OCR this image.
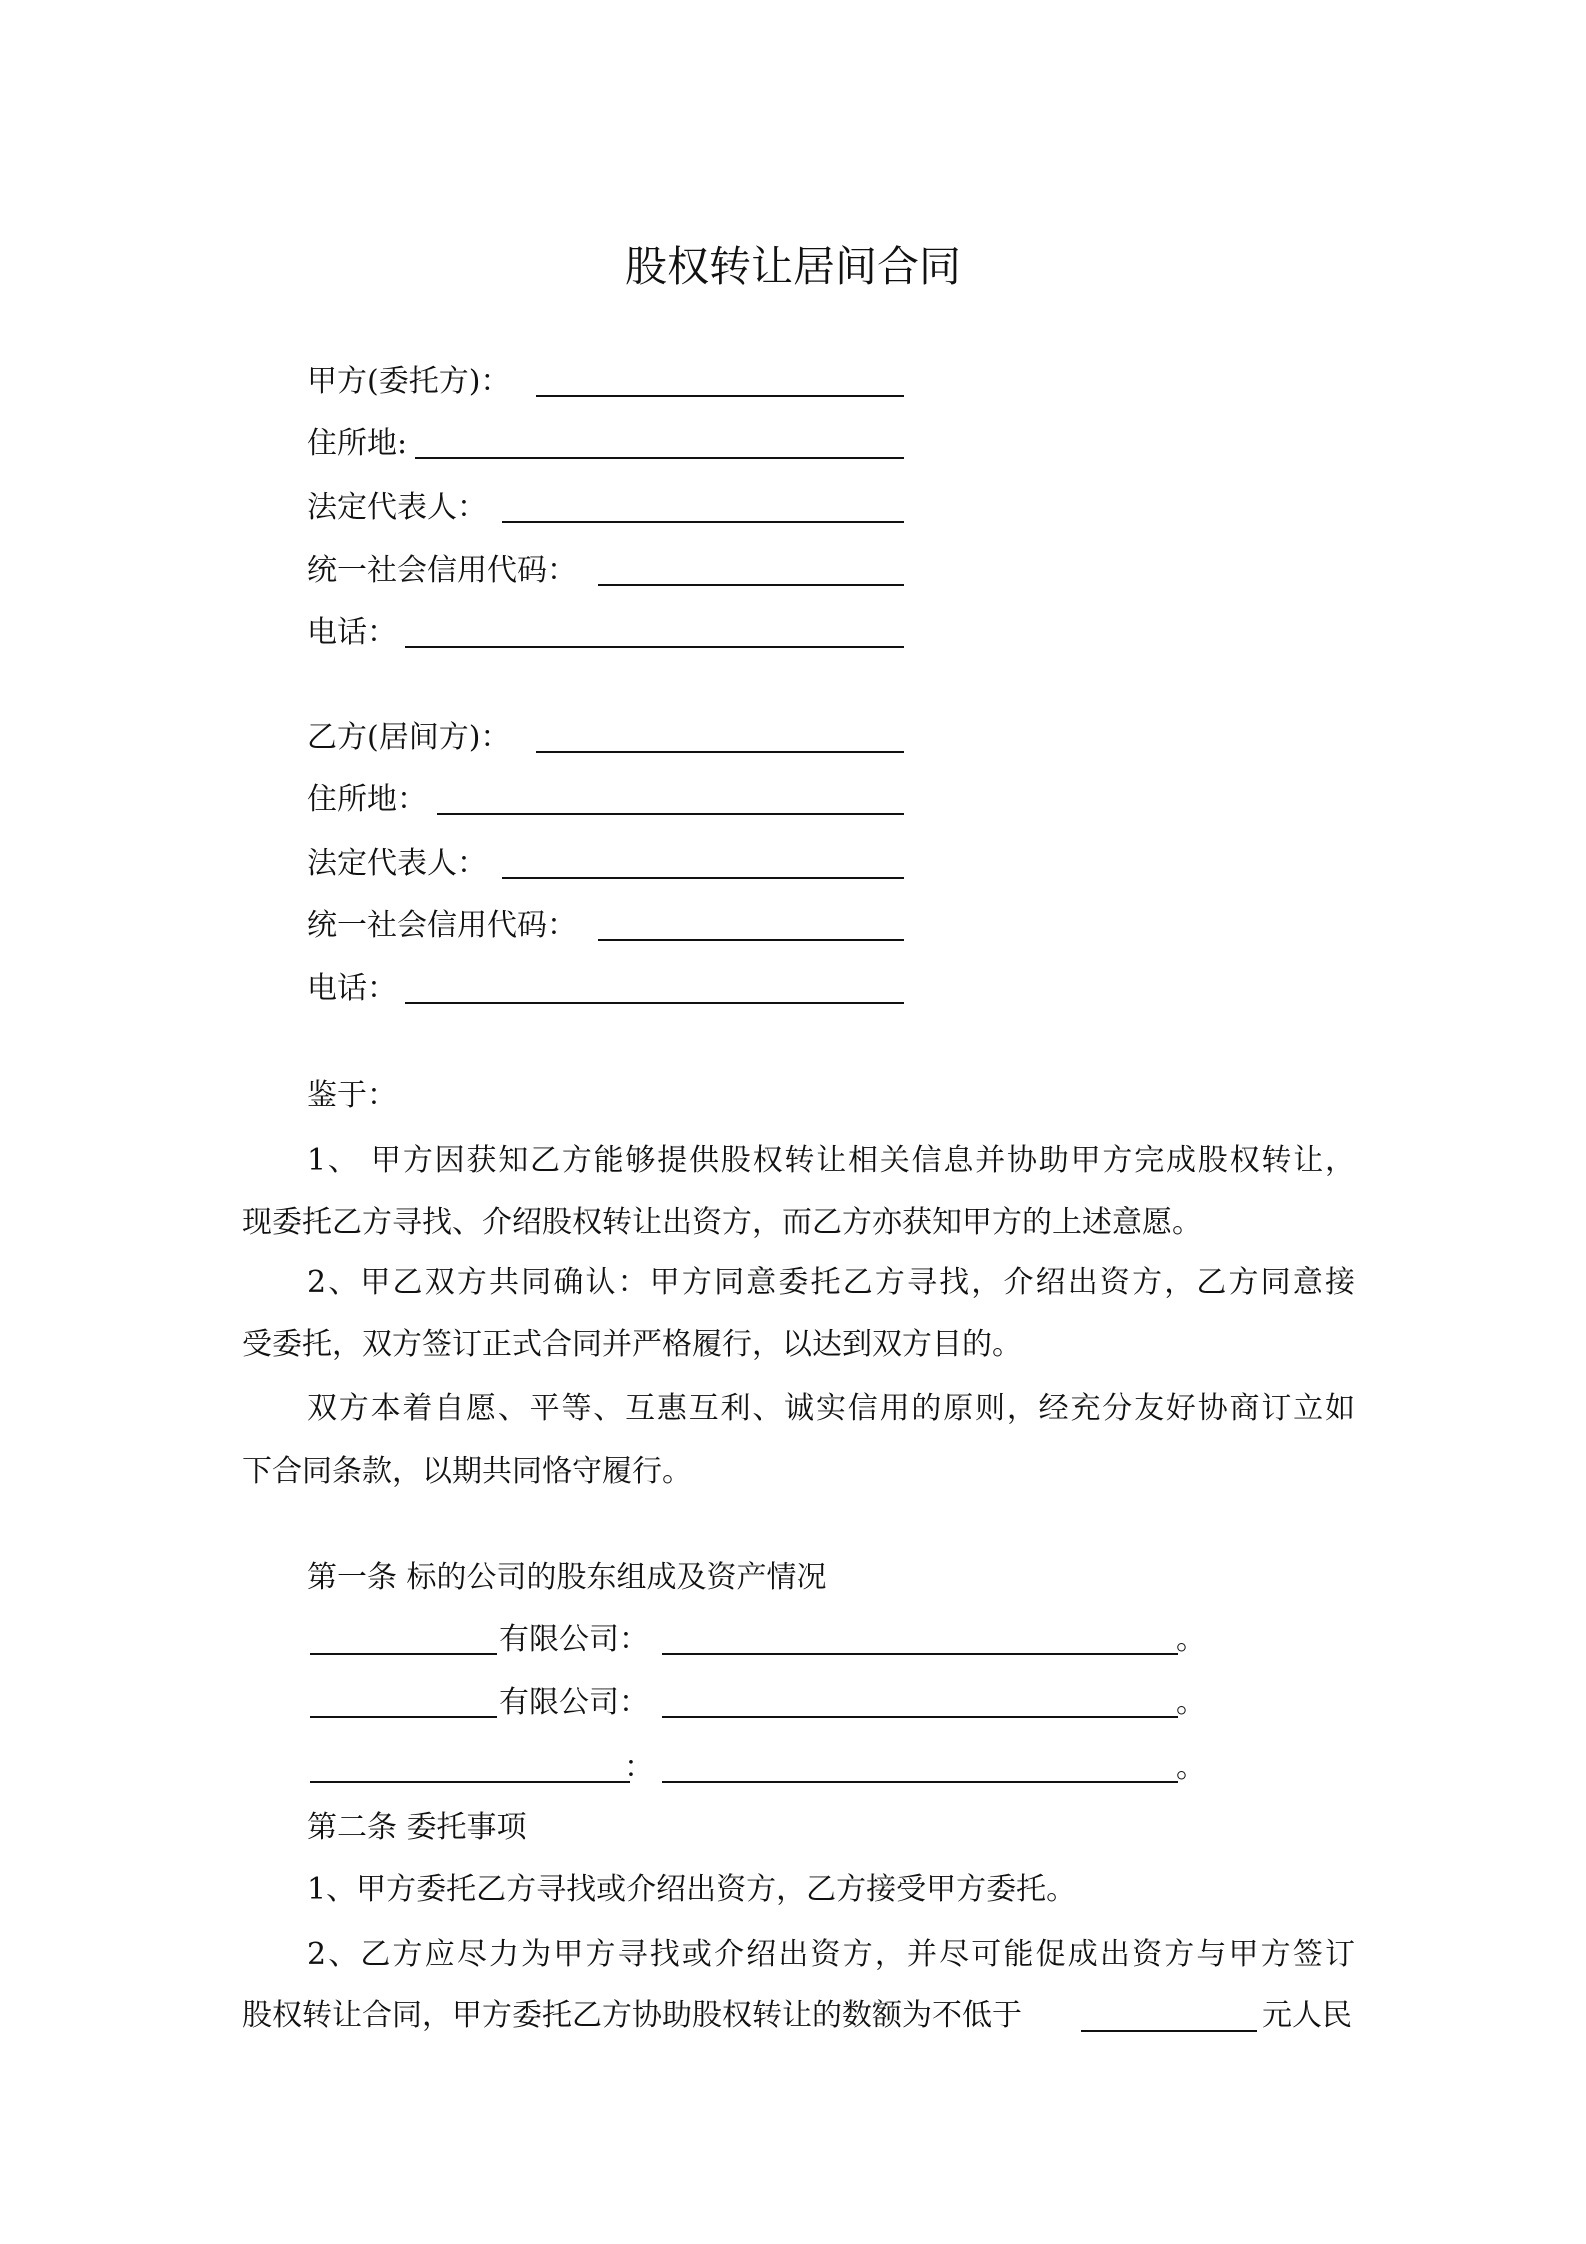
股权转让居间合同
甲方(委托方)：
住所地:
法定代表人：
统一社会信用代码：
电话：
乙方(居间方)：
住所地：
法定代表人：
统一社会信用代码：
电话：
鉴于：
1、 甲方因获知乙方能够提供股权转让相关信息并协助甲方完成股权转让，
现委托乙方寻找、介绍股权转让出资方，而乙方亦获知甲方的上述意愿。
2、甲乙双方共同确认：甲方同意委托乙方寻找，介绍出资方，乙方同意接
受委托，双方签订正式合同并严格履行，以达到双方目的。
双方本着自愿、平等、互惠互利、诚实信用的原则，经充分友好协商订立如
下合同条款，以期共同恪守履行。
第一条 标的公司的股东组成及资产情况
有限公司：	。
有限公司：	。
：	。
第二条 委托事项
1、甲方委托乙方寻找或介绍出资方，乙方接受甲方委托。
2、乙方应尽力为甲方寻找或介绍出资方，并尽可能促成出资方与甲方签订
股权转让合同，甲方委托乙方协助股权转让的数额为不低于	元人民
